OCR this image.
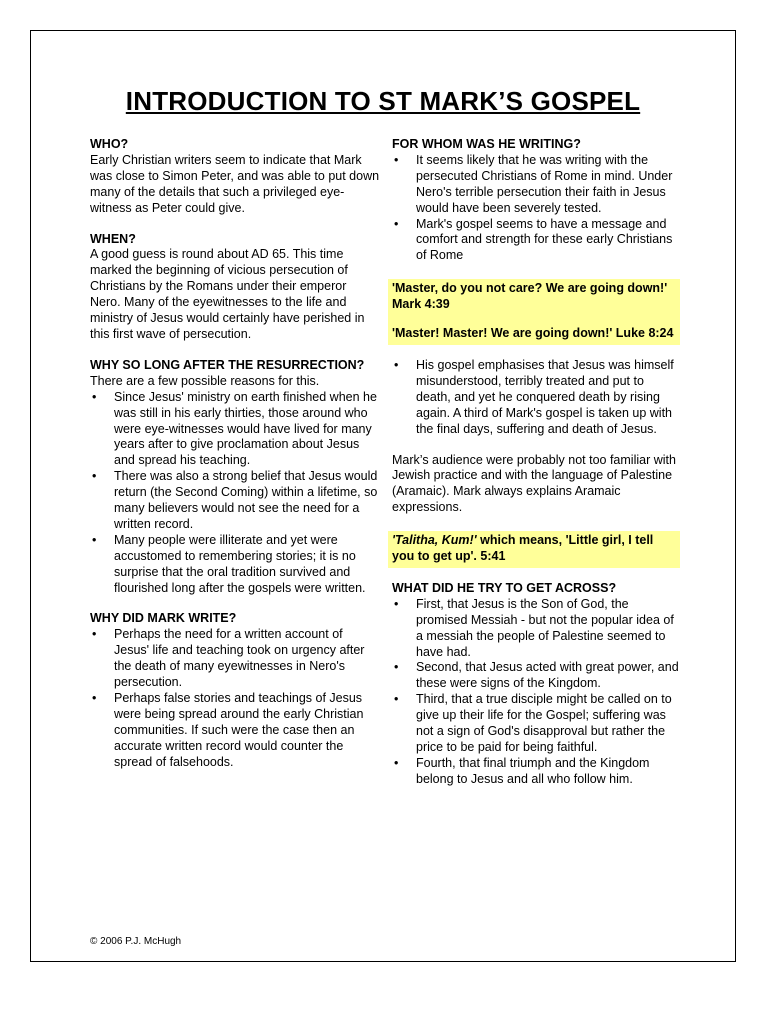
INTRODUCTION TO ST MARK’S GOSPEL
WHO?

Early Christian writers seem to indicate that Mark was close to Simon Peter, and was able to put down many of the details that such a privileged eye-witness as Peter could give.

WHEN?

A good guess is round about AD 65. This time marked the beginning of vicious persecution of Christians by the Romans under their emperor Nero. Many of the eyewitnesses to the life and ministry of Jesus would certainly have perished in this first wave of persecution.

WHY SO LONG AFTER THE RESURRECTION?

There are a few possible reasons for this.

• Since Jesus' ministry on earth finished when he was still in his early thirties, those around who were eye-witnesses would have lived for many years after to give proclamation about Jesus and spread his teaching.
• There was also a strong belief that Jesus would return (the Second Coming) within a lifetime, so many believers would not see the need for a written record.
• Many people were illiterate and yet were accustomed to remembering stories; it is no surprise that the oral tradition survived and flourished long after the gospels were written.
WHY DID MARK WRITE?
• Perhaps the need for a written account of Jesus' life and teaching took on urgency after the death of many eyewitnesses in Nero's persecution.
• Perhaps false stories and teachings of Jesus were being spread around the early Christian communities. If such were the case then an accurate written record would counter the spread of falsehoods.
FOR WHOM WAS HE WRITING?
• It seems likely that he was writing with the persecuted Christians of Rome in mind. Under Nero's terrible persecution their faith in Jesus would have been severely tested.
• Mark's gospel seems to have a message and comfort and strength for these early Christians of Rome
'Master, do you not care? We are going down!' Mark 4:39
'Master! Master! We are going down!' Luke 8:24
• His gospel emphasises that Jesus was himself misunderstood, terribly treated and put to death, and yet he conquered death by rising again. A third of Mark's gospel is taken up with the final days, suffering and death of Jesus.

Mark’s audience were probably not too familiar with Jewish practice and with the language of Palestine (Aramaic). Mark always explains Aramaic expressions.

'Talitha, Kum!' which means, 'Little girl, I tell you to get up'. 5:41
WHAT DID HE TRY TO GET ACROSS?
• First, that Jesus is the Son of God, the promised Messiah - but not the popular idea of a messiah the people of Palestine seemed to have had.
• Second, that Jesus acted with great power, and these were signs of the Kingdom.
• Third, that a true disciple might be called on to give up their life for the Gospel; suffering was not a sign of God's disapproval but rather the price to be paid for being faithful.
• Fourth, that final triumph and the Kingdom belong to Jesus and all who follow him.
© 2006 P.J. McHugh
